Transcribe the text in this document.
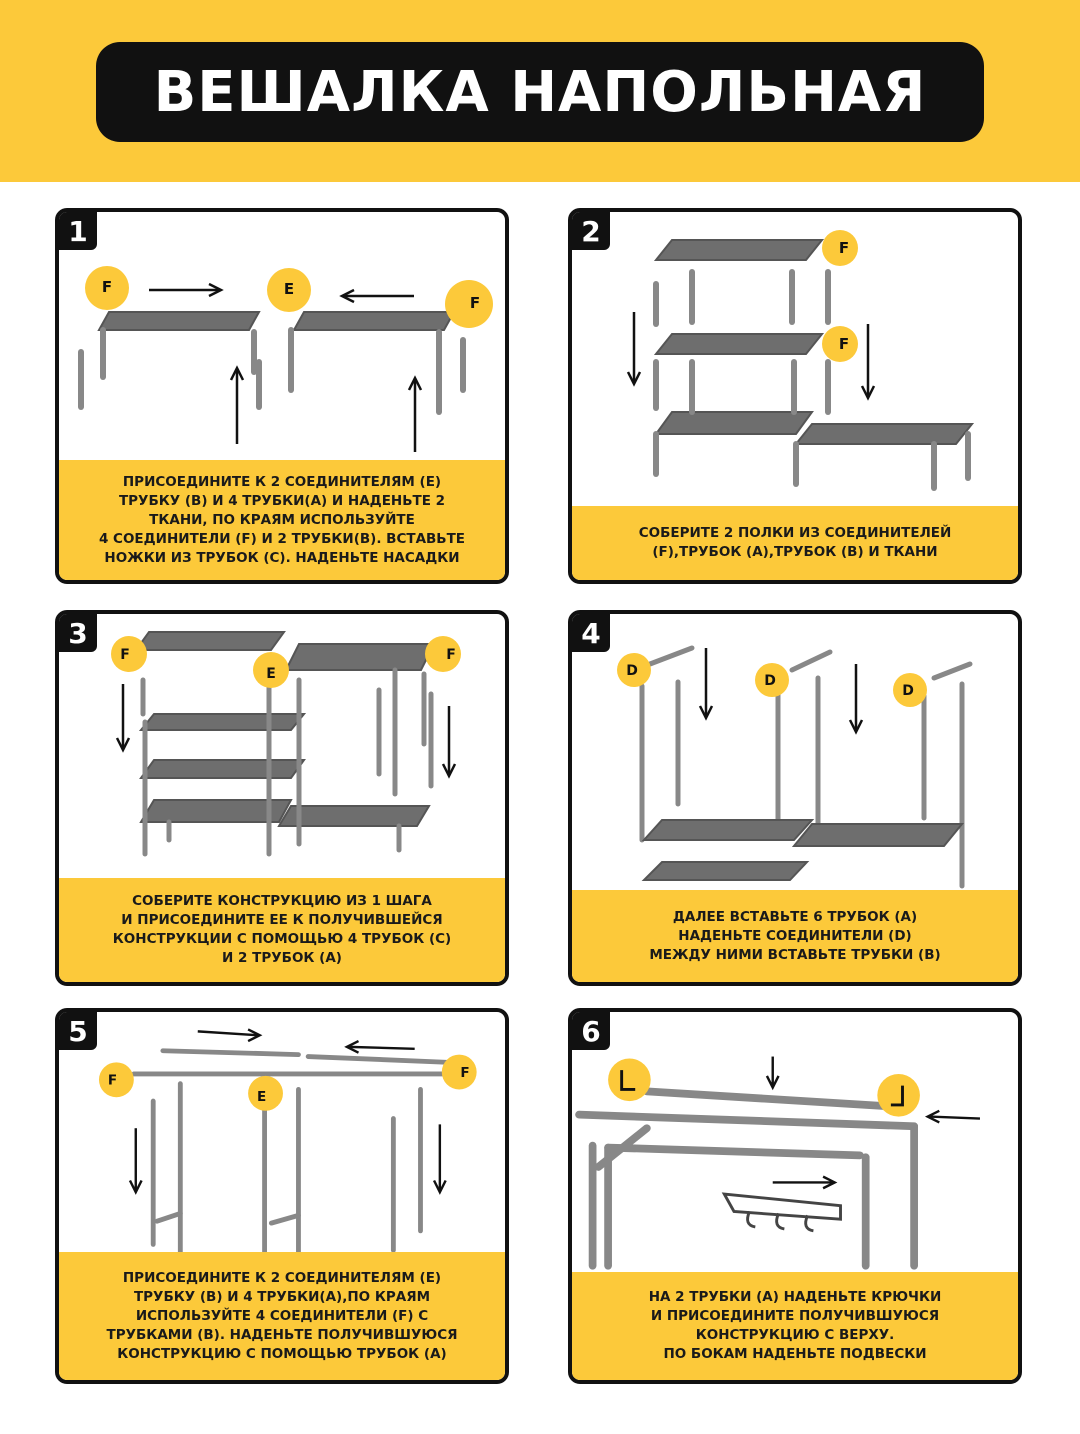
ВЕШАЛКА НАПОЛЬНАЯ
F	E
F
ПРИСОЕДИНИТЕ К 2 СОЕДИНИТЕЛЯМ (Е)
ТРУБКУ (В) И 4 ТРУБКИ(А) И НАДЕНЬТЕ 2
ТКАНИ, ПО КРАЯМ ИСПОЛЬЗУЙТЕ
4 СОЕДИНИТЕЛИ (F) И 2 ТРУБКИ(В). ВСТАВЬТЕ
НОЖКИ ИЗ ТРУБОК (С). НАДЕНЬТЕ НАСАДКИ
1
F
F
СОБЕРИТЕ 2 ПОЛКИ ИЗ СОЕДИНИТЕЛЕЙ
(F),ТРУБОК (А),ТРУБОК (В) И ТКАНИ
2
F
E
F
СОБЕРИТЕ КОНСТРУКЦИЮ ИЗ 1 ШАГА
И ПРИСОЕДИНИТЕ ЕЕ К ПОЛУЧИВШЕЙСЯ
КОНСТРУКЦИИ С ПОМОЩЬЮ 4 ТРУБОК (С)
И 2 ТРУБОК (А)
3
D
D
D
ДАЛЕЕ ВСТАВЬТЕ 6 ТРУБОК (А)
НАДЕНЬТЕ СОЕДИНИТЕЛИ (D)
МЕЖДУ НИМИ ВСТАВЬТЕ ТРУБКИ (В)
4
F
E
F
ПРИСОЕДИНИТЕ К 2 СОЕДИНИТЕЛЯМ (Е)
ТРУБКУ (В) И 4 ТРУБКИ(А),ПО КРАЯМ
ИСПОЛЬЗУЙТЕ 4 СОЕДИНИТЕЛИ (F) С
ТРУБКАМИ (В). НАДЕНЬТЕ ПОЛУЧИВШУЮСЯ
КОНСТРУКЦИЮ С ПОМОЩЬЮ ТРУБОК (А)
5
НА 2 ТРУБКИ (А) НАДЕНЬТЕ КРЮЧКИ
И ПРИСОЕДИНИТЕ ПОЛУЧИВШУЮСЯ
КОНСТРУКЦИЮ С ВЕРХУ.
ПО БОКАМ НАДЕНЬТЕ ПОДВЕСКИ
6
